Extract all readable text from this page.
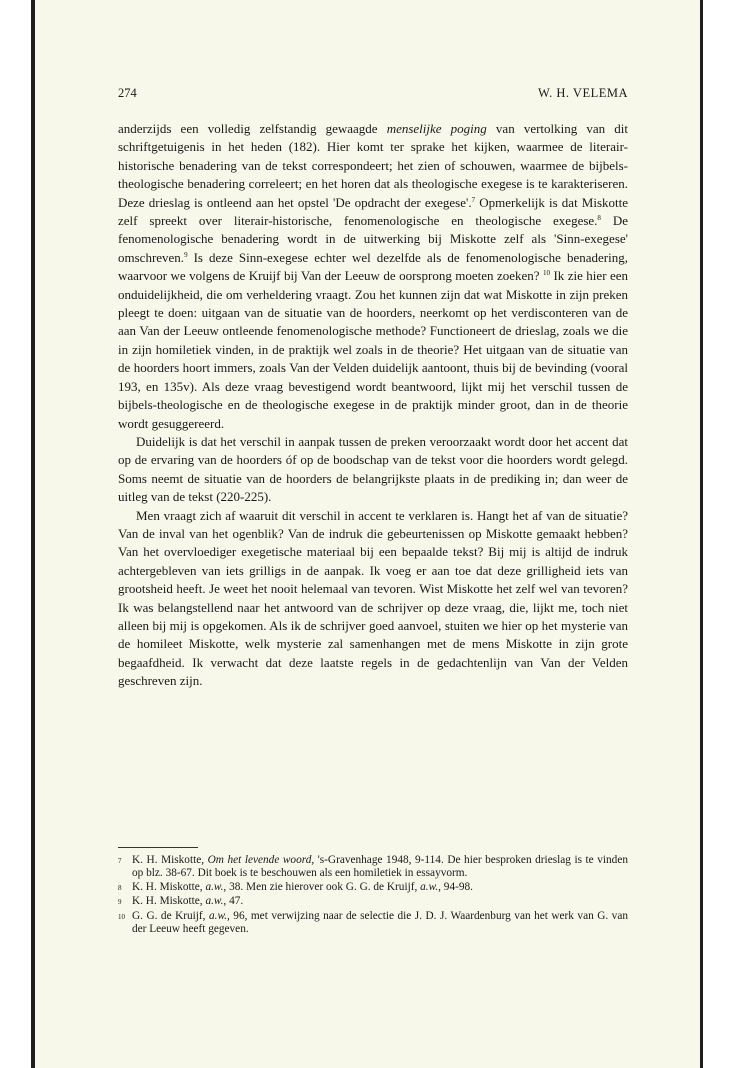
274	W. H. VELEMA

anderzijds een volledig zelfstandig gewaagde menselijke poging van vertolking van dit schriftgetuigenis in het heden (182). Hier komt ter sprake het kijken, waarmee de literair-historische benadering van de tekst correspondeert; het zien of schouwen, waarmee de bijbels-theologische benadering correleert; en het horen dat als theologische exegese is te karakteriseren. Deze drieslag is ontleend aan het opstel 'De opdracht der exegese'.$^7$ Opmerkelijk is dat Miskotte zelf spreekt over literair-historische, fenomenologische en theologische exegese.$^8$ De fenomenologische benadering wordt in de uitwerking bij Miskotte zelf als 'Sinn-exegese' omschreven.$^9$ Is deze Sinn-exegese echter wel dezelfde als de fenomenologische benadering, waarvoor we volgens de Kruijf bij Van der Leeuw de oorsprong moeten zoeken? $^{10}$ Ik zie hier een onduidelijkheid, die om verheldering vraagt. Zou het kunnen zijn dat wat Miskotte in zijn preken pleegt te doen: uitgaan van de situatie van de hoorders, neerkomt op het verdisconteren van de aan Van der Leeuw ontleende fenomenologische methode? Functioneert de drieslag, zoals we die in zijn homiletiek vinden, in de praktijk wel zoals in de theorie? Het uitgaan van de situatie van de hoorders hoort immers, zoals Van der Velden duidelijk aantoont, thuis bij de bevinding (vooral 193, en 135v). Als deze vraag bevestigend wordt beantwoord, lijkt mij het verschil tussen de bijbels-theologische en de theologische exegese in de praktijk minder groot, dan in de theorie wordt gesuggereerd.

Duidelijk is dat het verschil in aanpak tussen de preken veroorzaakt wordt door het accent dat op de ervaring van de hoorders óf op de boodschap van de tekst voor die hoorders wordt gelegd. Soms neemt de situatie van de hoorders de belangrijkste plaats in de prediking in; dan weer de uitleg van de tekst (220-225).

Men vraagt zich af waaruit dit verschil in accent te verklaren is. Hangt het af van de situatie? Van de inval van het ogenblik? Van de indruk die gebeurtenissen op Miskotte gemaakt hebben? Van het overvloediger exegetische materiaal bij een bepaalde tekst? Bij mij is altijd de indruk achtergebleven van iets grilligs in de aanpak. Ik voeg er aan toe dat deze grilligheid iets van grootsheid heeft. Je weet het nooit helemaal van tevoren. Wist Miskotte het zelf wel van tevoren? Ik was belangstellend naar het antwoord van de schrijver op deze vraag, die, lijkt me, toch niet alleen bij mij is opgekomen. Als ik de schrijver goed aanvoel, stuiten we hier op het mysterie van de homileet Miskotte, welk mysterie zal samenhangen met de mens Miskotte in zijn grote begaafdheid. Ik verwacht dat deze laatste regels in de gedachtenlijn van Van der Velden geschreven zijn.

7 K. H. Miskotte, Om het levende woord, 's-Gravenhage 1948, 9-114. De hier besproken drieslag is te vinden op blz. 38-67. Dit boek is te beschouwen als een homiletiek in essayvorm.
8 K. H. Miskotte, a.w., 38. Men zie hierover ook G. G. de Kruijf, a.w., 94-98.
9 K. H. Miskotte, a.w., 47.
10 G. G. de Kruijf, a.w., 96, met verwijzing naar de selectie die J. D. J. Waardenburg van het werk van G. van der Leeuw heeft gegeven.
